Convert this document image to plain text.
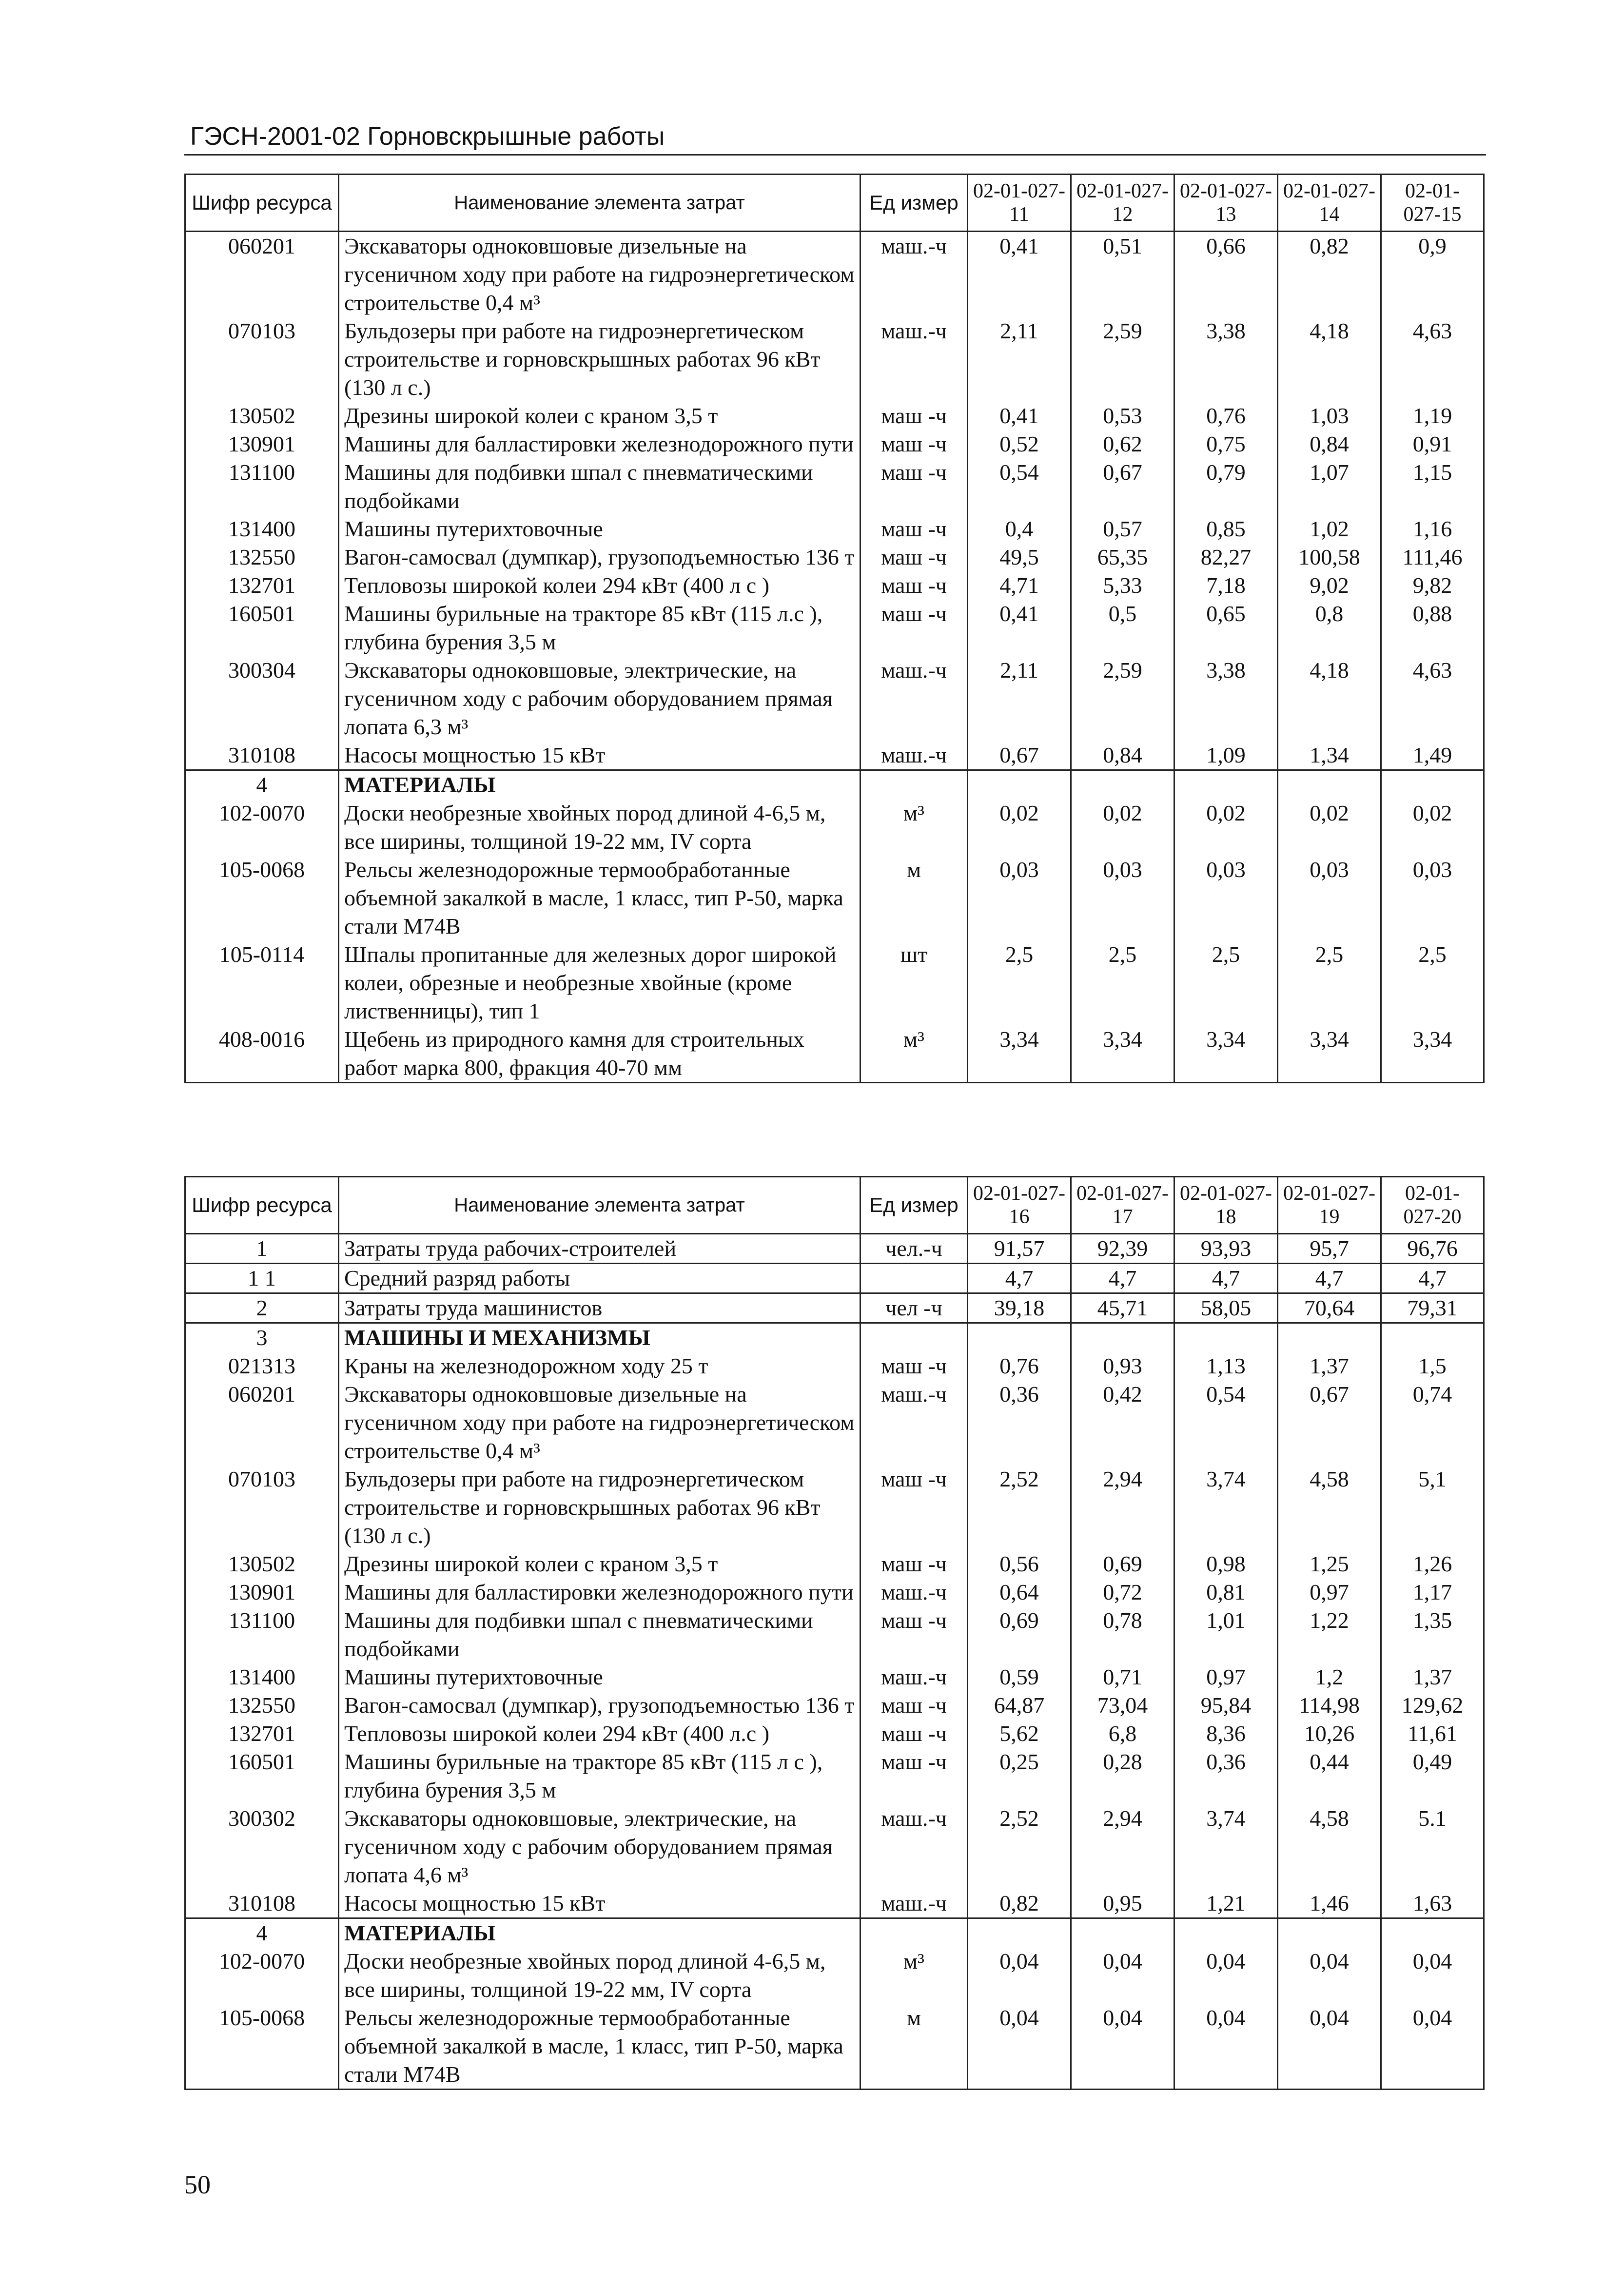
ГЭСН-2001-02 Горновскрышные работы
Шифр ресурса	Наименование элемента затрат	Ед измер	02-01-027-11	02-01-027-12	02-01-027-13	02-01-027-14	02-01-027-15
060201	Экскаваторы одноковшовые дизельные на гусеничном ходу при работе на гидроэнергетическом строительстве 0,4 м³	маш.-ч	0,41	0,51	0,66	0,82	0,9
070103	Бульдозеры при работе на гидроэнергетическом строительстве и горновскрышных работах 96 кВт (130 л с.)	маш.-ч	2,11	2,59	3,38	4,18	4,63
130502	Дрезины широкой колеи с краном 3,5 т	маш -ч	0,41	0,53	0,76	1,03	1,19
130901	Машины для балластировки железнодорожного пути	маш -ч	0,52	0,62	0,75	0,84	0,91
131100	Машины для подбивки шпал с пневматическими подбойками	маш -ч	0,54	0,67	0,79	1,07	1,15
131400	Машины путерихтовочные	маш -ч	0,4	0,57	0,85	1,02	1,16
132550	Вагон-самосвал (думпкар), грузоподъемностью 136 т	маш -ч	49,5	65,35	82,27	100,58	111,46
132701	Тепловозы широкой колеи 294 кВт (400 л с )	маш -ч	4,71	5,33	7,18	9,02	9,82
160501	Машины бурильные на тракторе 85 кВт (115 л.с ), глубина бурения 3,5 м	маш -ч	0,41	0,5	0,65	0,8	0,88
300304	Экскаваторы одноковшовые, электрические, на гусеничном ходу с рабочим оборудованием прямая лопата 6,3 м³	маш.-ч	2,11	2,59	3,38	4,18	4,63
310108	Насосы мощностью 15 кВт	маш.-ч	0,67	0,84	1,09	1,34	1,49
4	МАТЕРИАЛЫ						
102-0070	Доски необрезные хвойных пород длиной 4-6,5 м, все ширины, толщиной 19-22 мм, IV сорта	м³	0,02	0,02	0,02	0,02	0,02
105-0068	Рельсы железнодорожные термообработанные объемной закалкой в масле, 1 класс, тип Р-50, марка стали М74В	м	0,03	0,03	0,03	0,03	0,03
105-0114	Шпалы пропитанные для железных дорог широкой колеи, обрезные и необрезные хвойные (кроме лиственницы), тип 1	шт	2,5	2,5	2,5	2,5	2,5
408-0016	Щебень из природного камня для строительных работ марка 800, фракция 40-70 мм	м³	3,34	3,34	3,34	3,34	3,34
Шифр ресурса	Наименование элемента затрат	Ед измер	02-01-027-16	02-01-027-17	02-01-027-18	02-01-027-19	02-01-027-20
1	Затраты труда рабочих-строителей	чел.-ч	91,57	92,39	93,93	95,7	96,76
1 1	Средний разряд работы		4,7	4,7	4,7	4,7	4,7
2	Затраты труда машинистов	чел -ч	39,18	45,71	58,05	70,64	79,31
3	МАШИНЫ И МЕХАНИЗМЫ						
021313	Краны на железнодорожном ходу 25 т	маш -ч	0,76	0,93	1,13	1,37	1,5
060201	Экскаваторы одноковшовые дизельные на гусеничном ходу при работе на гидроэнергетическом строительстве 0,4 м³	маш.-ч	0,36	0,42	0,54	0,67	0,74
070103	Бульдозеры при работе на гидроэнергетическом строительстве и горновскрышных работах 96 кВт (130 л с.)	маш -ч	2,52	2,94	3,74	4,58	5,1
130502	Дрезины широкой колеи с краном 3,5 т	маш -ч	0,56	0,69	0,98	1,25	1,26
130901	Машины для балластировки железнодорожного пути	маш.-ч	0,64	0,72	0,81	0,97	1,17
131100	Машины для подбивки шпал с пневматическими подбойками	маш -ч	0,69	0,78	1,01	1,22	1,35
131400	Машины путерихтовочные	маш.-ч	0,59	0,71	0,97	1,2	1,37
132550	Вагон-самосвал (думпкар), грузоподъемностью 136 т	маш -ч	64,87	73,04	95,84	114,98	129,62
132701	Тепловозы широкой колеи 294 кВт (400 л.с )	маш -ч	5,62	6,8	8,36	10,26	11,61
160501	Машины бурильные на тракторе 85 кВт (115 л с ), глубина бурения 3,5 м	маш -ч	0,25	0,28	0,36	0,44	0,49
300302	Экскаваторы одноковшовые, электрические, на гусеничном ходу с рабочим оборудованием прямая лопата 4,6 м³	маш.-ч	2,52	2,94	3,74	4,58	5.1
310108	Насосы мощностью 15 кВт	маш.-ч	0,82	0,95	1,21	1,46	1,63
4	МАТЕРИАЛЫ						
102-0070	Доски необрезные хвойных пород длиной 4-6,5 м, все ширины, толщиной 19-22 мм, IV сорта	м³	0,04	0,04	0,04	0,04	0,04
105-0068	Рельсы железнодорожные термообработанные объемной закалкой в масле, 1 класс, тип Р-50, марка стали М74В	м	0,04	0,04	0,04	0,04	0,04
50
